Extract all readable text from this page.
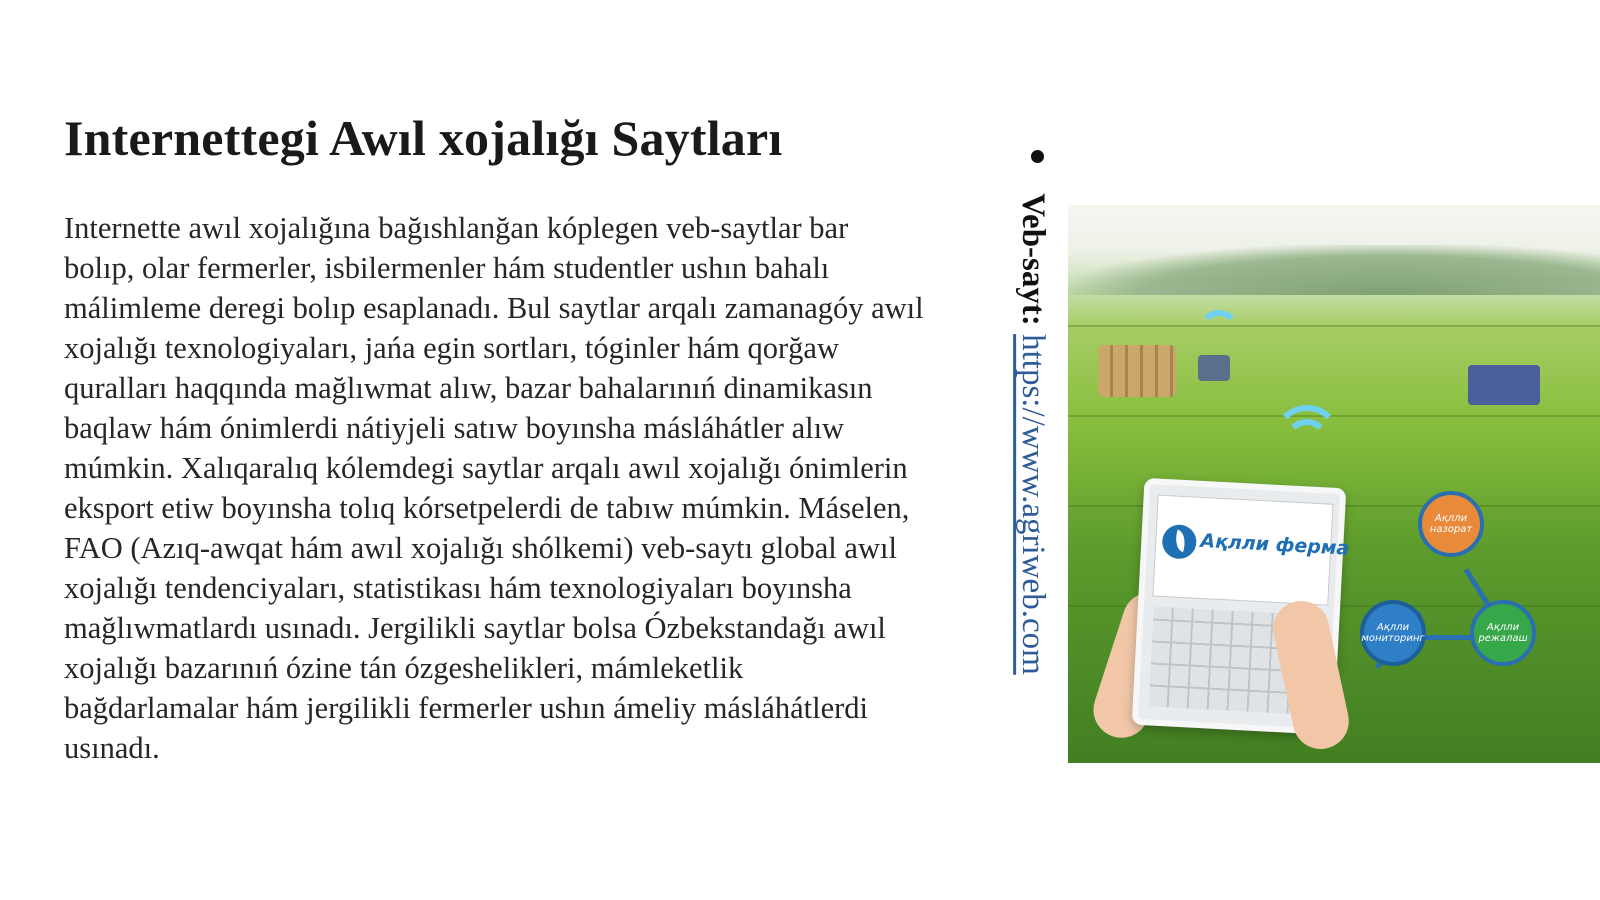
Internettegi Awıl xojalığı Saytları

Internette awıl xojalığına bağıshlanğan kóplegen veb-saytlar bar bolıp, olar fermerler, isbilermenler hám studentler ushın bahalı málimleme deregi bolıp esaplanadı. Bul saytlar arqalı zamanagóy awıl xojalığı texnologiyaları, jańa egin sortları, tóginler hám qorğaw quralları haqqında mağlıwmat alıw, bazar bahalarınıń dinamikasın baqlaw hám ónimlerdi nátiyjeli satıw boyınsha másláhátler alıw múmkin. Xalıqaralıq kólemdegi saytlar arqalı awıl xojalığı ónimlerin eksport etiw boyınsha tolıq kórsetpelerdi de tabıw múmkin. Máselen, FAO (Azıq-awqat hám awıl xojalığı shólkemi) veb-saytı global awıl xojalığı tendenciyaları, statistikası hám texnologiyaları boyınsha mağlıwmatlardı usınadı. Jergilikli saytlar bolsa Ózbekstandağı awıl xojalığı bazarınıń ózine tán ózgeshelikleri, mámleketlik bağdarlamalar hám jergilikli fermerler ushın ámeliy másláhátlerdi usınadı.

Veb-sayt: https://www.agriweb.com	Ақлли ферма
Ақлли назорат
Ақлли мониторинг
Ақлли режалаш
